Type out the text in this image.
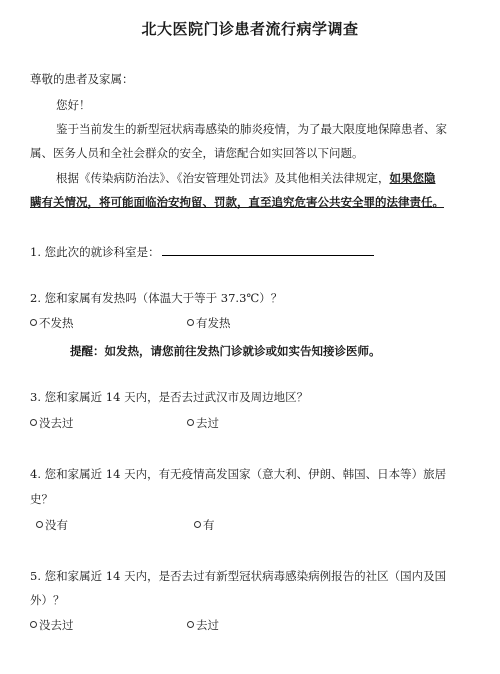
北大医院门诊患者流行病学调查
尊敬的患者及家属：
您好！
鉴于当前发生的新型冠状病毒感染的肺炎疫情，为了最大限度地保障患者、家
属、医务人员和全社会群众的安全，请您配合如实回答以下问题。
根据《传染病防治法》、《治安管理处罚法》及其他相关法律规定，如果您隐
瞒有关情况，将可能面临治安拘留、罚款，直至追究危害公共安全罪的法律责任。
1. 您此次的就诊科室是：
2. 您和家属有发热吗（体温大于等于 37.3℃）？
不发热	有发热
提醒：如发热，请您前往发热门诊就诊或如实告知接诊医师。
3. 您和家属近 14 天内，是否去过武汉市及周边地区？
没去过	去过
4. 您和家属近 14 天内，有无疫情高发国家（意大利、伊朗、韩国、日本等）旅居
史？
没有	有
5. 您和家属近 14 天内，是否去过有新型冠状病毒感染病例报告的社区（国内及国
外）？
没去过	去过
